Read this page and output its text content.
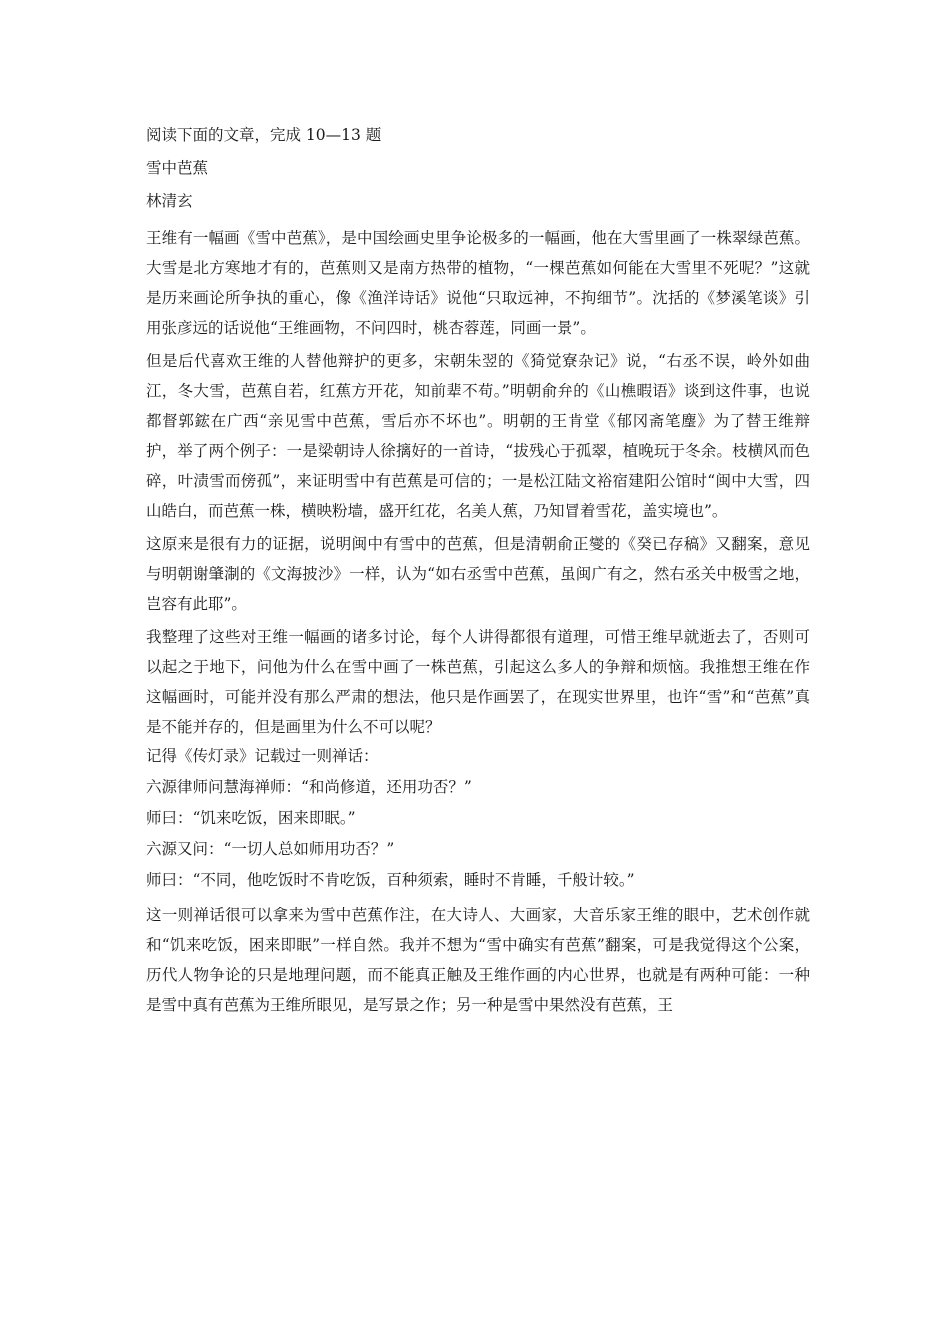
阅读下面的文章，完成 10—13 题

雪中芭蕉

林清玄

王维有一幅画《雪中芭蕉》，是中国绘画史里争论极多的一幅画，他在大雪里画了一株翠绿芭蕉。大雪是北方寒地才有的，芭蕉则又是南方热带的植物，“一棵芭蕉如何能在大雪里不死呢？”这就是历来画论所争执的重心，像《渔洋诗话》说他“只取远神，不拘细节”。沈括的《梦溪笔谈》引用张彦远的话说他“王维画物，不问四时，桃杏蓉莲，同画一景”。

但是后代喜欢王维的人替他辩护的更多，宋朝朱翌的《猗觉寮杂记》说，“右丞不误，岭外如曲江，冬大雪，芭蕉自若，红蕉方开花，知前辈不苟。”明朝俞弁的《山樵暇语》谈到这件事，也说都督郭鋐在广西“亲见雪中芭蕉，雪后亦不坏也”。明朝的王肯堂《郁冈斋笔麈》为了替王维辩护，举了两个例子：一是梁朝诗人徐摛好的一首诗，“拔残心于孤翠，植晚玩于冬余。枝横风而色碎，叶渍雪而傍孤”，来证明雪中有芭蕉是可信的；一是松江陆文裕宿建阳公馆时“闽中大雪，四山皓白，而芭蕉一株，横映粉墙，盛开红花，名美人蕉，乃知冒着雪花，盖实境也”。

这原来是很有力的证据，说明闽中有雪中的芭蕉，但是清朝俞正燮的《癸已存稿》又翻案，意见与明朝谢肇淛的《文海披沙》一样，认为“如右丞雪中芭蕉，虽闽广有之，然右丞关中极雪之地，岂容有此耶”。

我整理了这些对王维一幅画的诸多讨论，每个人讲得都很有道理，可惜王维早就逝去了，否则可以起之于地下，问他为什么在雪中画了一株芭蕉，引起这么多人的争辩和烦恼。我推想王维在作这幅画时，可能并没有那么严肃的想法，他只是作画罢了，在现实世界里，也许“雪”和“芭蕉”真是不能并存的，但是画里为什么不可以呢？

记得《传灯录》记载过一则禅话：

六源律师问慧海禅师：“和尚修道，还用功否？”

师曰：“饥来吃饭，困来即眠。”

六源又问：“一切人总如师用功否？”

师曰：“不同，他吃饭时不肯吃饭，百种须索，睡时不肯睡，千般计较。”

这一则禅话很可以拿来为雪中芭蕉作注，在大诗人、大画家，大音乐家王维的眼中，艺术创作就和“饥来吃饭，困来即眠”一样自然。我并不想为“雪中确实有芭蕉”翻案，可是我觉得这个公案，历代人物争论的只是地理问题，而不能真正触及王维作画的内心世界，也就是有两种可能：一种是雪中真有芭蕉为王维所眼见，是写景之作；另一种是雪中果然没有芭蕉，王
